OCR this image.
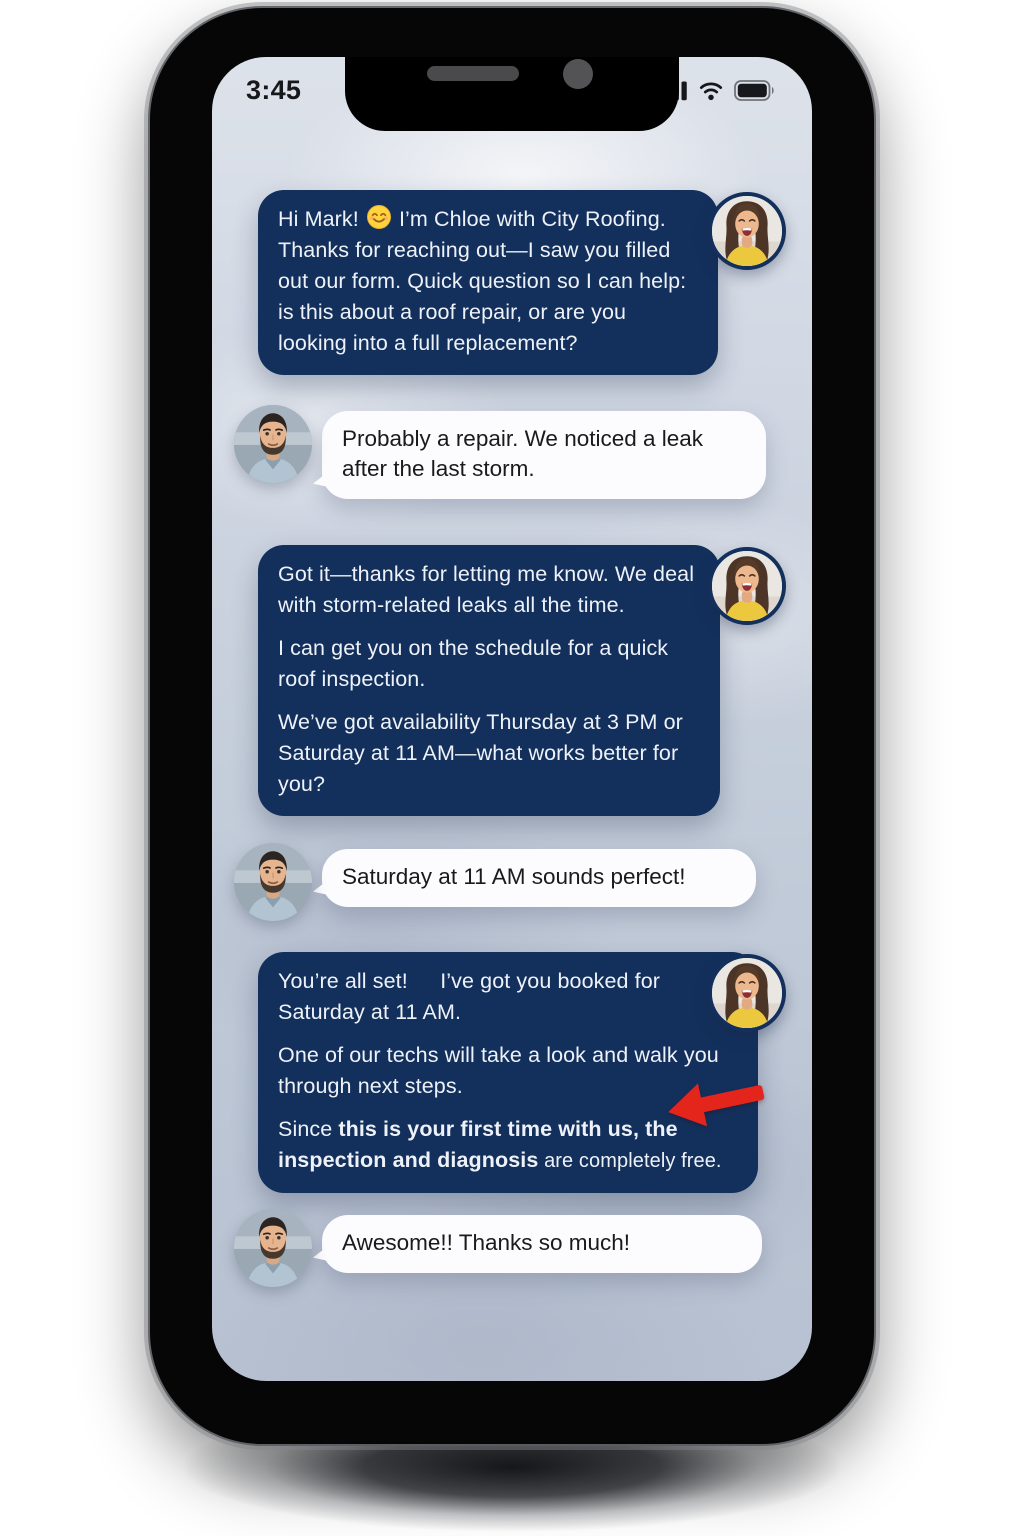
3:45

Hi Mark!
I’m Chloe with City Roofing. Thanks for reaching out—I saw you filled out our form. Quick question so I can help: is this about a roof repair, or are you looking into a full replacement?

Probably a repair. We noticed a leak after the last storm.

Got it—thanks for letting me know. We deal with storm-related leaks all the time.

I can get you on the schedule for a quick roof inspection.

We’ve got availability Thursday at 3 PM or Saturday at 11 AM—what works better for you?

Saturday at 11 AM sounds perfect!

You’re all set!  I’ve got you booked for Saturday at 11 AM.

One of our techs will take a look and walk you through next steps.

Since this is your first time with us, the inspection and diagnosis are completely free.

Awesome!! Thanks so much!
